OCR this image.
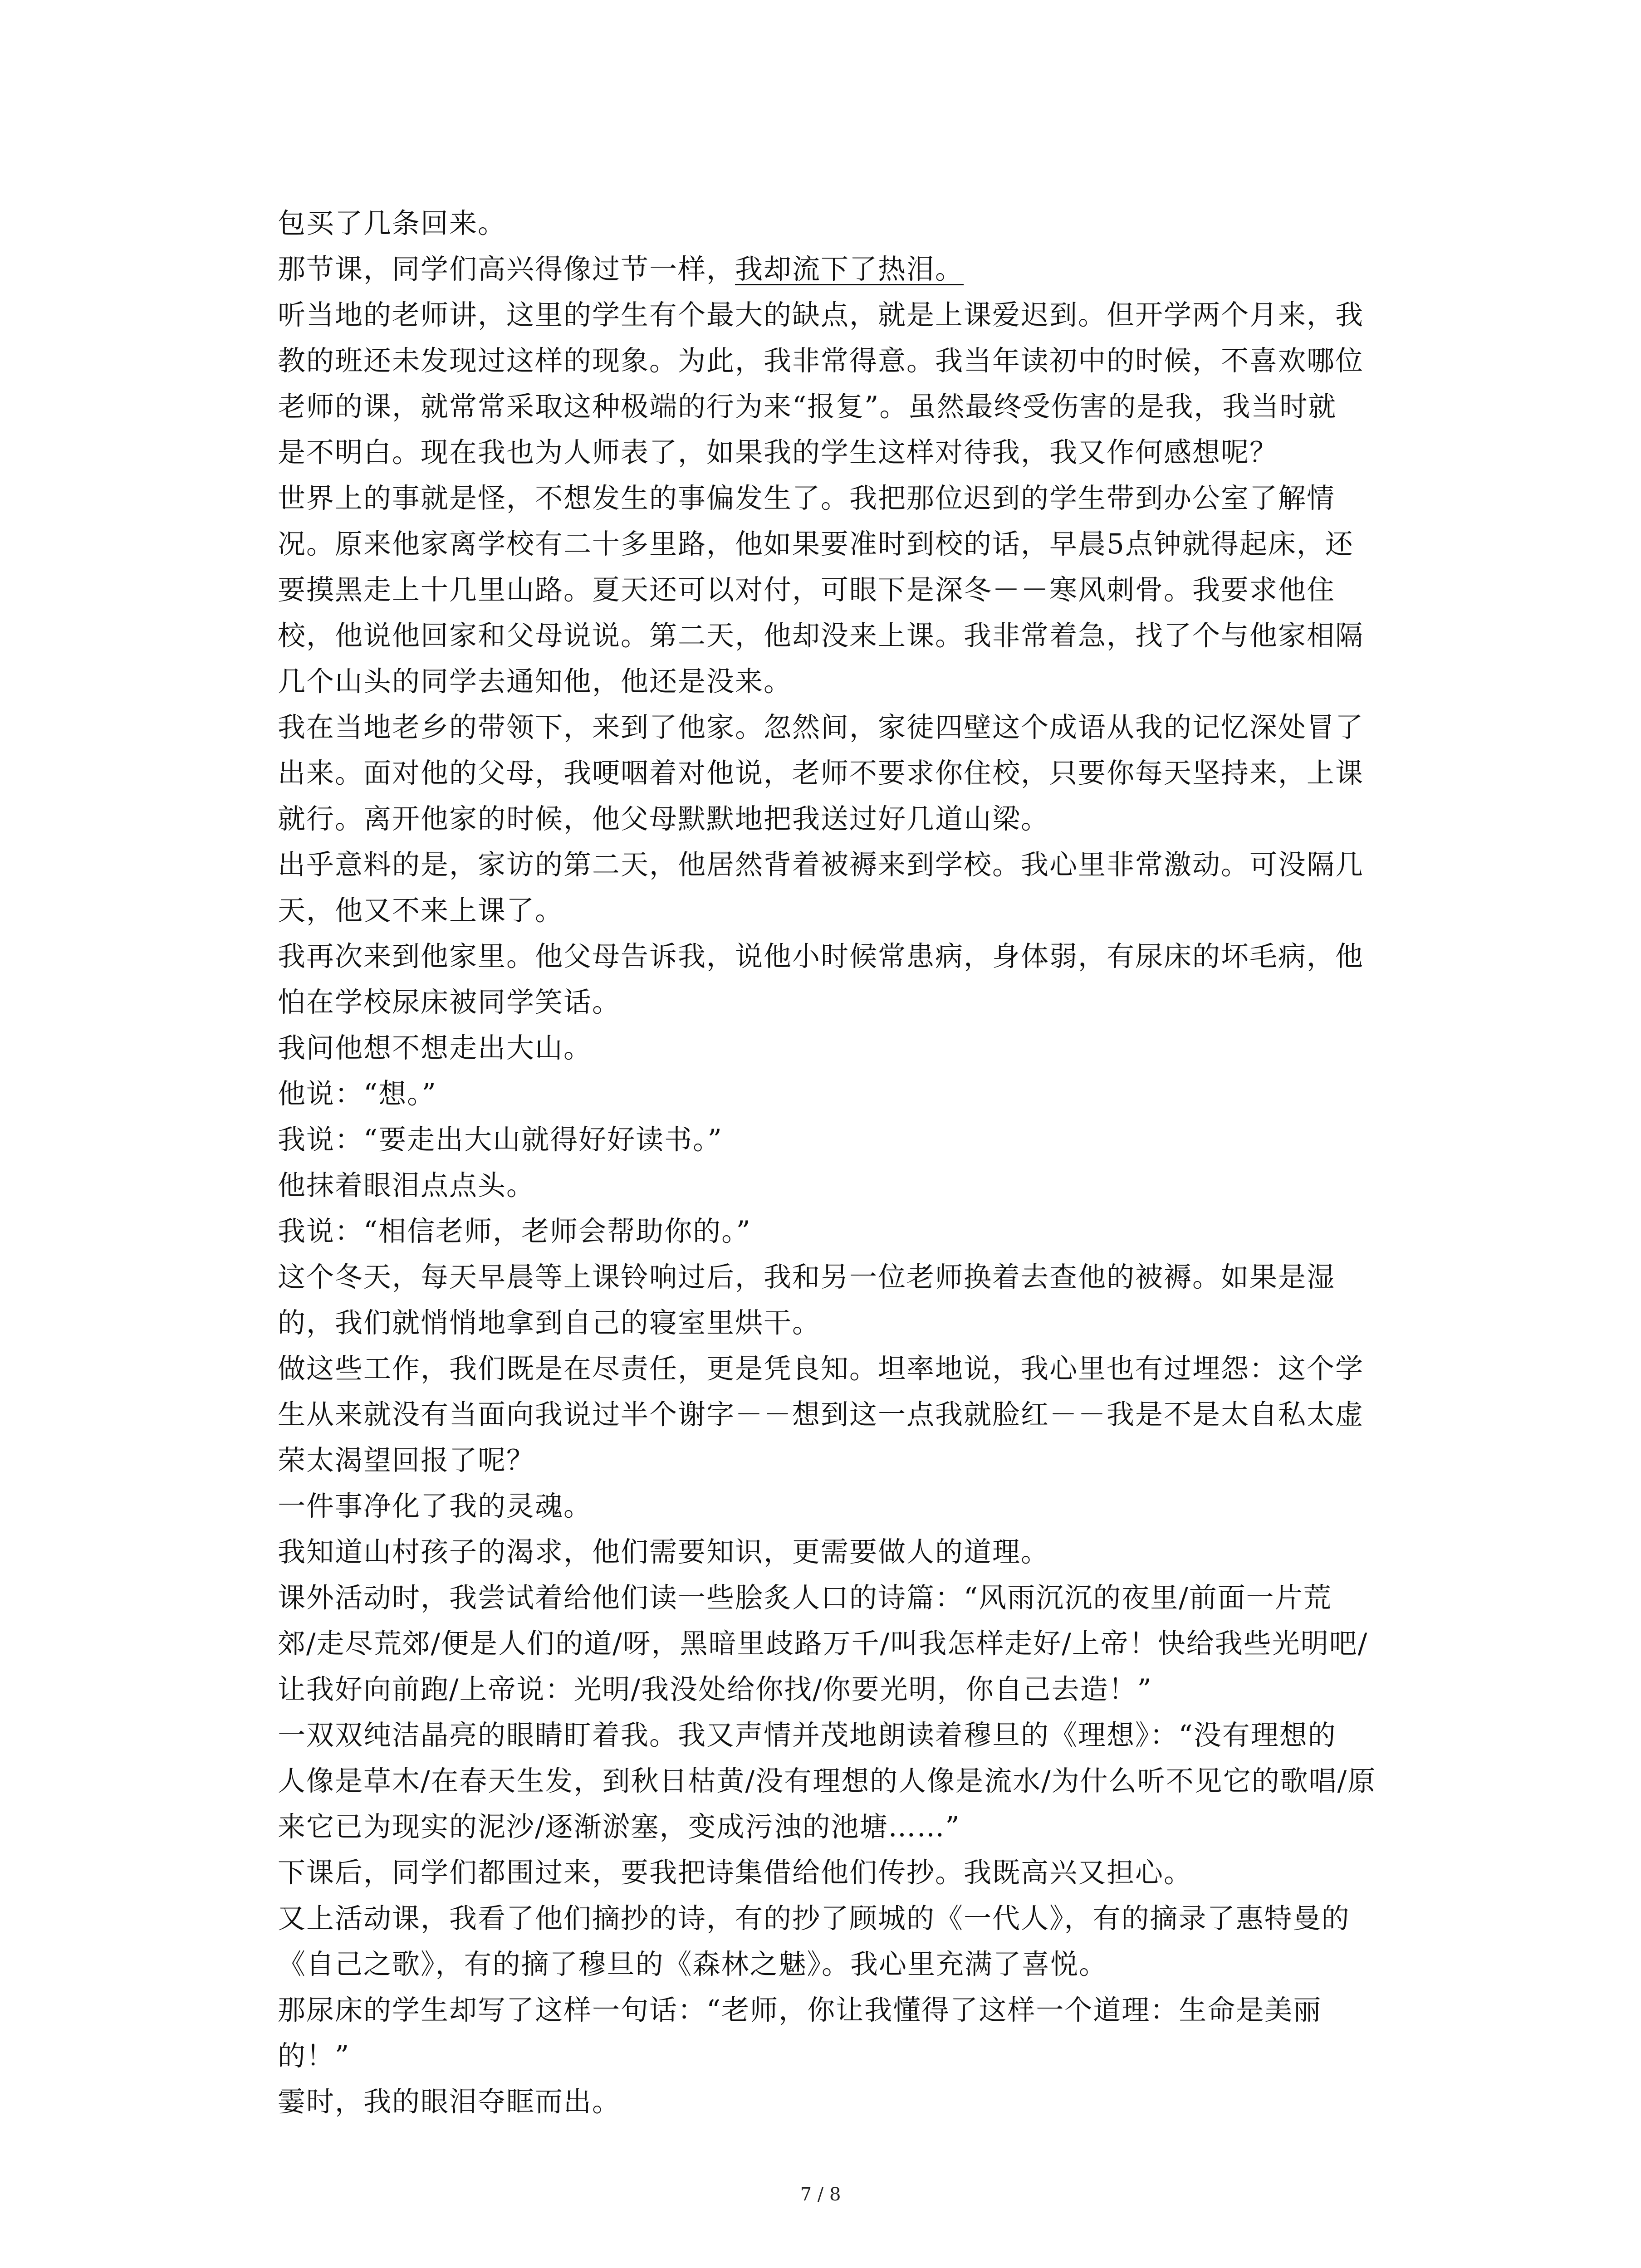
包买了几条回来。
那节课，同学们高兴得像过节一样，我却流下了热泪。
听当地的老师讲，这里的学生有个最大的缺点，就是上课爱迟到。但开学两个月来，我
教的班还未发现过这样的现象。为此，我非常得意。我当年读初中的时候，不喜欢哪位
老师的课，就常常采取这种极端的行为来“报复”。虽然最终受伤害的是我，我当时就
是不明白。现在我也为人师表了，如果我的学生这样对待我，我又作何感想呢？
世界上的事就是怪，不想发生的事偏发生了。我把那位迟到的学生带到办公室了解情
况。原来他家离学校有二十多里路，他如果要准时到校的话，早晨5点钟就得起床，还
要摸黑走上十几里山路。夏天还可以对付，可眼下是深冬－－寒风刺骨。我要求他住
校，他说他回家和父母说说。第二天，他却没来上课。我非常着急，找了个与他家相隔
几个山头的同学去通知他，他还是没来。
我在当地老乡的带领下，来到了他家。忽然间，家徒四壁这个成语从我的记忆深处冒了
出来。面对他的父母，我哽咽着对他说，老师不要求你住校，只要你每天坚持来，上课
就行。离开他家的时候，他父母默默地把我送过好几道山梁。
出乎意料的是，家访的第二天，他居然背着被褥来到学校。我心里非常激动。可没隔几
天，他又不来上课了。
我再次来到他家里。他父母告诉我，说他小时候常患病，身体弱，有尿床的坏毛病，他
怕在学校尿床被同学笑话。
我问他想不想走出大山。
他说：“想。”
我说：“要走出大山就得好好读书。”
他抹着眼泪点点头。
我说：“相信老师，老师会帮助你的。”
这个冬天，每天早晨等上课铃响过后，我和另一位老师换着去查他的被褥。如果是湿
的，我们就悄悄地拿到自己的寝室里烘干。
做这些工作，我们既是在尽责任，更是凭良知。坦率地说，我心里也有过埋怨：这个学
生从来就没有当面向我说过半个谢字－－想到这一点我就脸红－－我是不是太自私太虚
荣太渴望回报了呢？
一件事净化了我的灵魂。
我知道山村孩子的渴求，他们需要知识，更需要做人的道理。
课外活动时，我尝试着给他们读一些脍炙人口的诗篇：“风雨沉沉的夜里/前面一片荒
郊/走尽荒郊/便是人们的道/呀，黑暗里歧路万千/叫我怎样走好/上帝！快给我些光明吧/
让我好向前跑/上帝说：光明/我没处给你找/你要光明，你自己去造！”
一双双纯洁晶亮的眼睛盯着我。我又声情并茂地朗读着穆旦的《理想》：“没有理想的
人像是草木/在春天生发，到秋日枯黄/没有理想的人像是流水/为什么听不见它的歌唱/原
来它已为现实的泥沙/逐渐淤塞，变成污浊的池塘……”
下课后，同学们都围过来，要我把诗集借给他们传抄。我既高兴又担心。
又上活动课，我看了他们摘抄的诗，有的抄了顾城的《一代人》，有的摘录了惠特曼的
《自己之歌》，有的摘了穆旦的《森林之魅》。我心里充满了喜悦。
那尿床的学生却写了这样一句话：“老师，你让我懂得了这样一个道理：生命是美丽
的！”
霎时，我的眼泪夺眶而出。
7 / 8
